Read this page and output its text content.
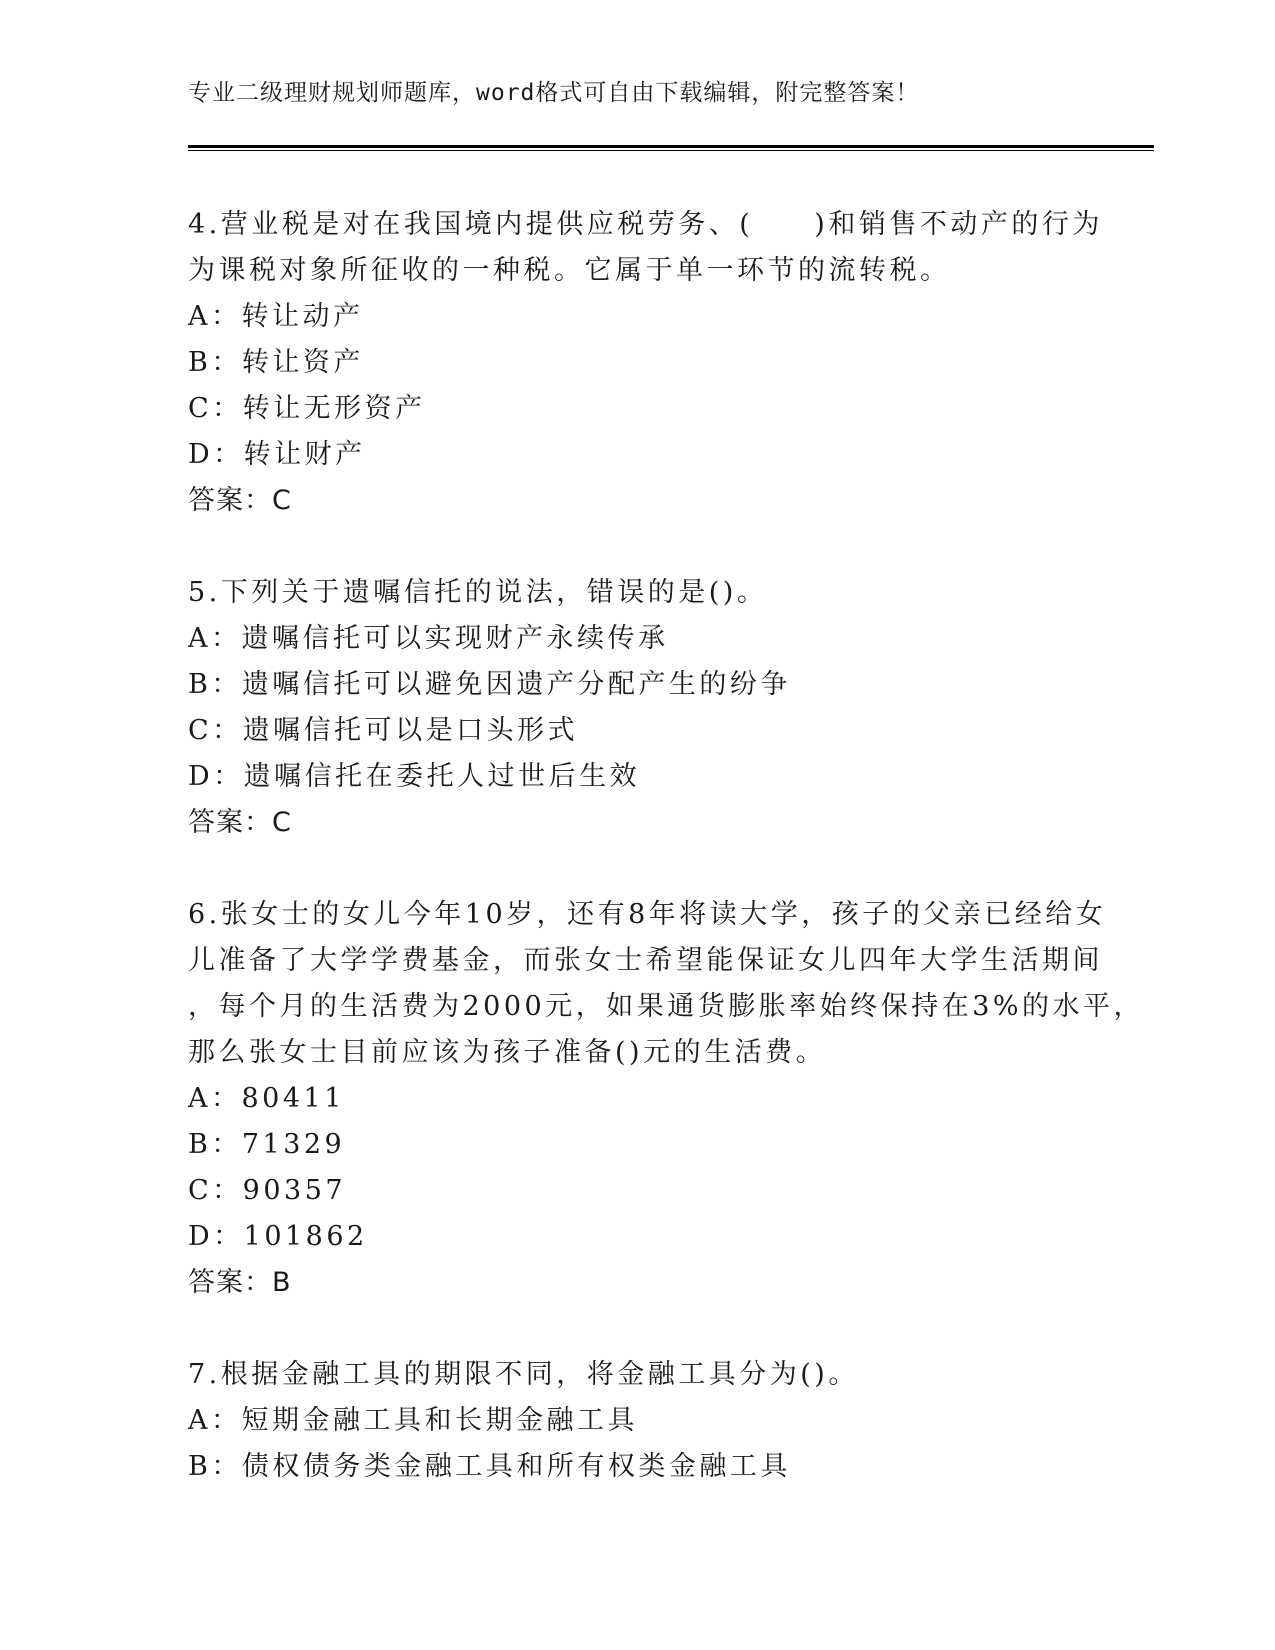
专业二级理财规划师题库，word格式可自由下载编辑，附完整答案！
4.营业税是对在我国境内提供应税劳务、(　　)和销售不动产的行为
为课税对象所征收的一种税。它属于单一环节的流转税。
A：转让动产
B：转让资产
C：转让无形资产
D：转让财产
答案：C
5.下列关于遗嘱信托的说法，错误的是()。
A：遗嘱信托可以实现财产永续传承
B：遗嘱信托可以避免因遗产分配产生的纷争
C：遗嘱信托可以是口头形式
D：遗嘱信托在委托人过世后生效
答案：C
6.张女士的女儿今年10岁，还有8年将读大学，孩子的父亲已经给女
儿准备了大学学费基金，而张女士希望能保证女儿四年大学生活期间
，每个月的生活费为2000元，如果通货膨胀率始终保持在3%的水平，
那么张女士目前应该为孩子准备()元的生活费。
A：80411
B：71329
C：90357
D：101862
答案：B
7.根据金融工具的期限不同，将金融工具分为()。
A：短期金融工具和长期金融工具
B：债权债务类金融工具和所有权类金融工具
